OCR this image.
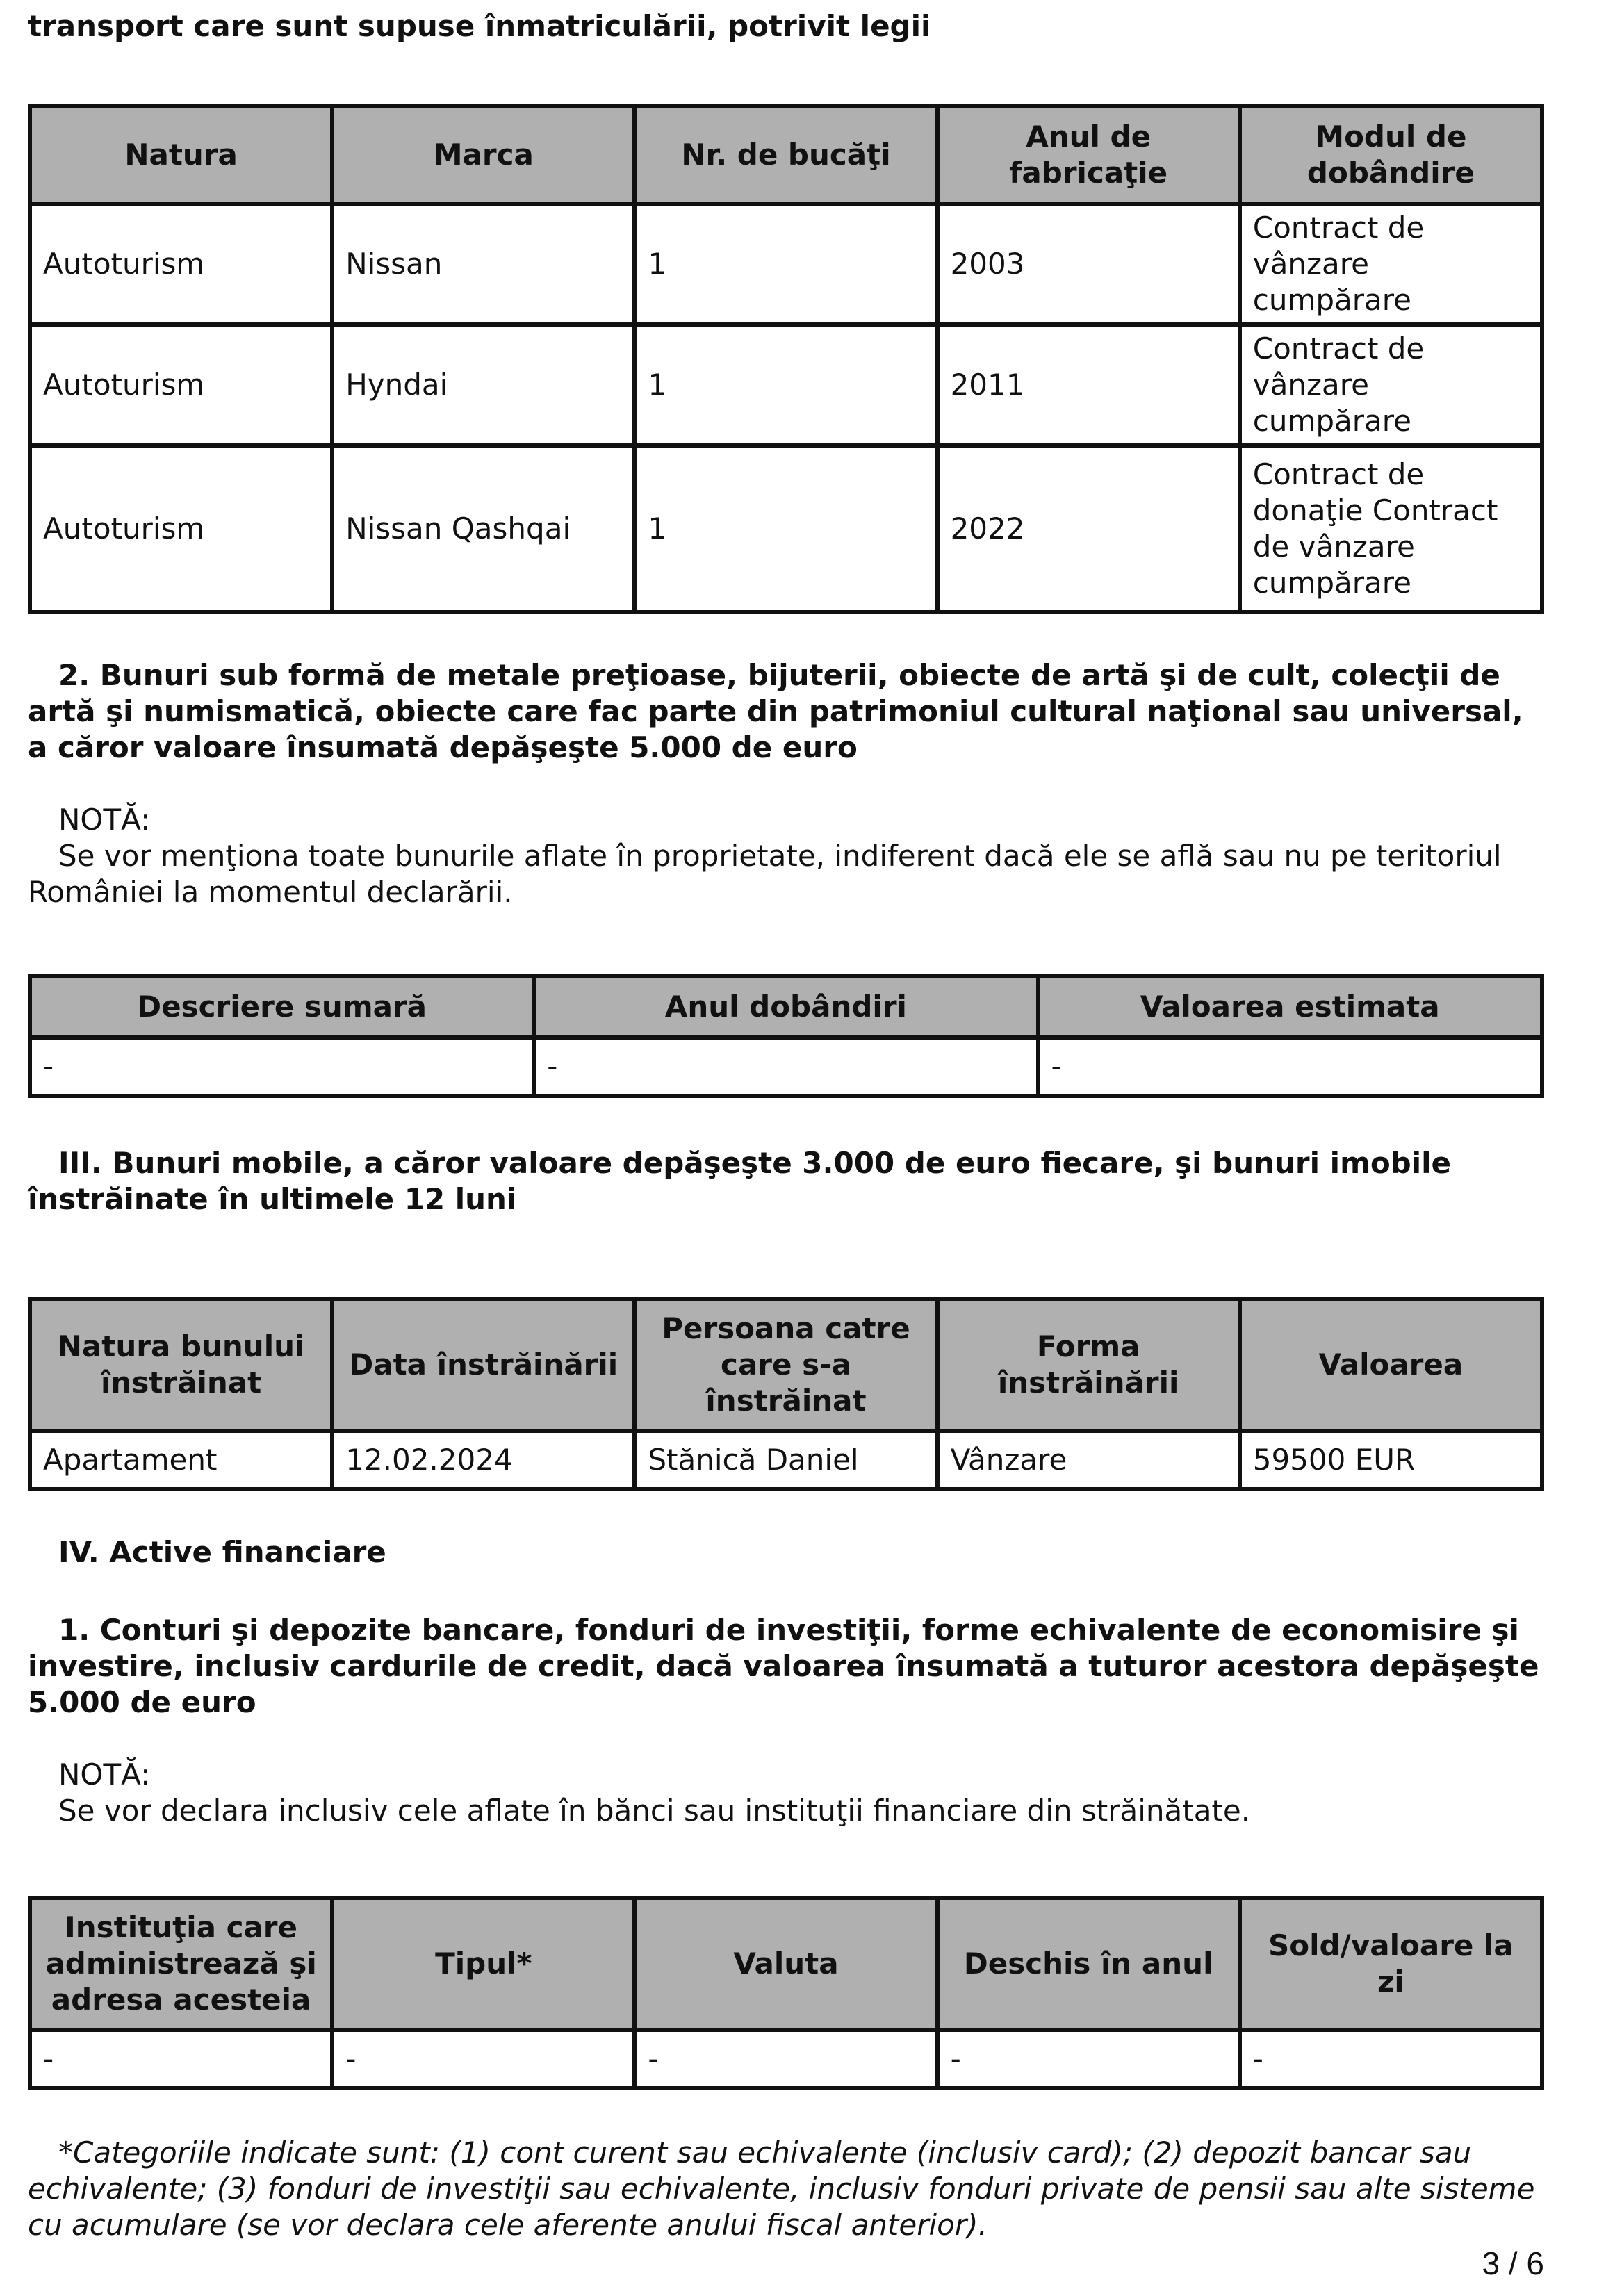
transport care sunt supuse înmatriculării, potrivit legii

Natura	Marca	Nr. de bucăţi	Anul de fabricaţie	Modul de dobândire
Autoturism	Nissan	1	2003	Contract de vânzare cumpărare
Autoturism	Hyndai	1	2011	Contract de vânzare cumpărare
Autoturism	Nissan Qashqai	1	2022	Contract de donaţie Contract de vânzare cumpărare

2. Bunuri sub formă de metale preţioase, bijuterii, obiecte de artă şi de cult, colecţii de artă şi numismatică, obiecte care fac parte din patrimoniul cultural naţional sau universal, a căror valoare însumată depăşeşte 5.000 de euro

NOTĂ:

Se vor menţiona toate bunurile aflate în proprietate, indiferent dacă ele se află sau nu pe teritoriul României la momentul declarării.

Descriere sumară	Anul dobândiri	Valoarea estimata
-	-	-

III. Bunuri mobile, a căror valoare depăşeşte 3.000 de euro fiecare, şi bunuri imobile înstrăinate în ultimele 12 luni

Natura bunului înstrăinat	Data înstrăinării	Persoana catre care s-a înstrăinat	Forma înstrăinării	Valoarea
Apartament	12.02.2024	Stănică Daniel	Vânzare	59500 EUR

IV. Active financiare

1. Conturi şi depozite bancare, fonduri de investiţii, forme echivalente de economisire şi investire, inclusiv cardurile de credit, dacă valoarea însumată a tuturor acestora depăşeşte 5.000 de euro

NOTĂ:

Se vor declara inclusiv cele aflate în bănci sau instituţii financiare din străinătate.

Instituţia care administrează şi adresa acesteia	Tipul*	Valuta	Deschis în anul	Sold/valoare la zi
-	-	-	-	-

*Categoriile indicate sunt: (1) cont curent sau echivalente (inclusiv card); (2) depozit bancar sau echivalente; (3) fonduri de investiţii sau echivalente, inclusiv fonduri private de pensii sau alte sisteme cu acumulare (se vor declara cele aferente anului fiscal anterior).

3 / 6
